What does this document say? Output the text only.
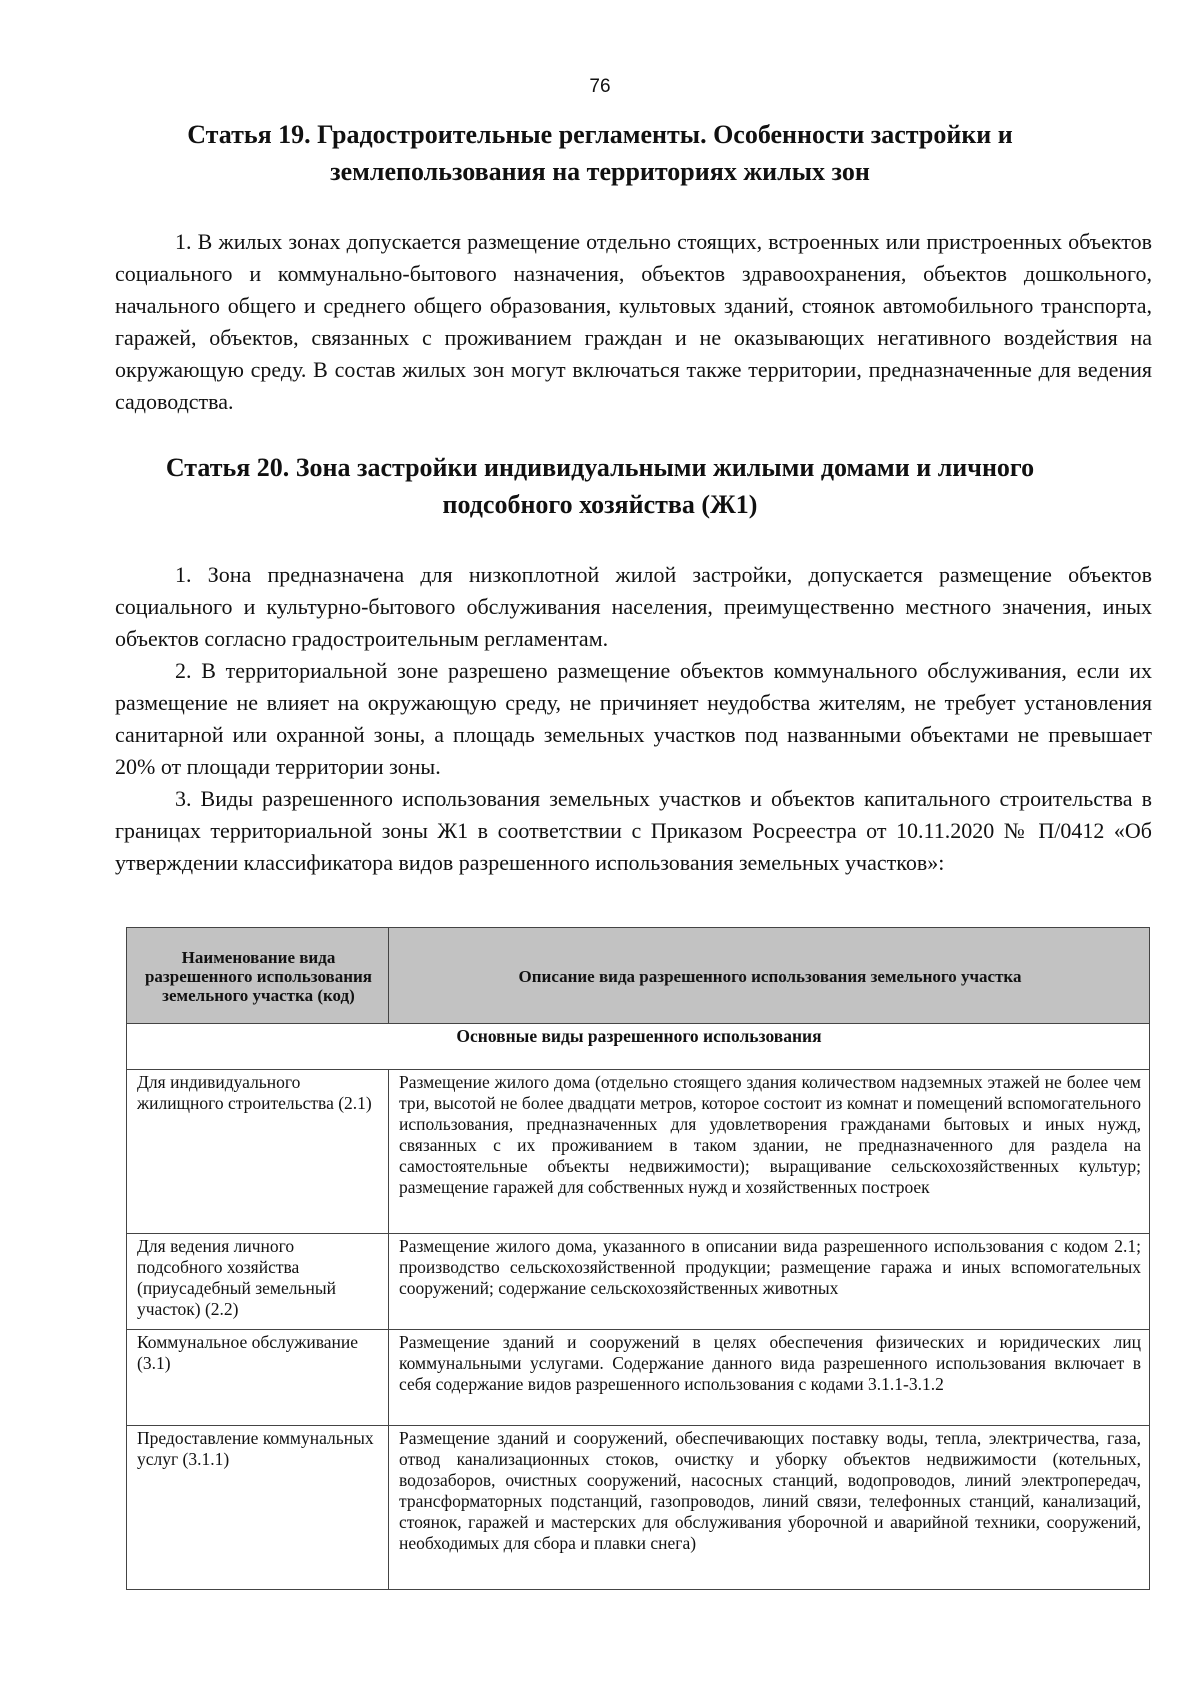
76
Статья 19. Градостроительные регламенты. Особенности застройки и землепользования на территориях жилых зон

1. В жилых зонах допускается размещение отдельно стоящих, встроенных или пристроенных объектов социального и коммунально-бытового назначения, объектов здравоохранения, объектов дошкольного, начального общего и среднего общего образования, культовых зданий, стоянок автомобильного транспорта, гаражей, объектов, связанных с проживанием граждан и не оказывающих негативного воздействия на окружающую среду. В состав жилых зон могут включаться также территории, предназначенные для ведения садоводства.

Статья 20. Зона застройки индивидуальными жилыми домами и личного подсобного хозяйства (Ж1)

1. Зона предназначена для низкоплотной жилой застройки, допускается размещение объектов социального и культурно-бытового обслуживания населения, преимущественно местного значения, иных объектов согласно градостроительным регламентам.

2. В территориальной зоне разрешено размещение объектов коммунального обслуживания, если их размещение не влияет на окружающую среду, не причиняет неудобства жителям, не требует установления санитарной или охранной зоны, а площадь земельных участков под названными объектами не превышает 20% от площади территории зоны.

3. Виды разрешенного использования земельных участков и объектов капитального строительства в границах территориальной зоны Ж1 в соответствии с Приказом Росреестра от 10.11.2020 № П/0412 «Об утверждении классификатора видов разрешенного использования земельных участков»:

Наименование вида разрешенного использования земельного участка (код)	Описание вида разрешенного использования земельного участка
Основные виды разрешенного использования	
Для индивидуального жилищного строительства (2.1)	Размещение жилого дома (отдельно стоящего здания количеством надземных этажей не более чем три, высотой не более двадцати метров, которое состоит из комнат и помещений вспомогательного использования, предназначенных для удовлетворения гражданами бытовых и иных нужд, связанных с их проживанием в таком здании, не предназначенного для раздела на самостоятельные объекты недвижимости); выращивание сельскохозяйственных культур; размещение гаражей для собственных нужд и хозяйственных построек
Для ведения личного подсобного хозяйства (приусадебный земельный участок) (2.2)	Размещение жилого дома, указанного в описании вида разрешенного использования с кодом 2.1; производство сельскохозяйственной продукции; размещение гаража и иных вспомогательных сооружений; содержание сельскохозяйственных животных
Коммунальное обслуживание (3.1)	Размещение зданий и сооружений в целях обеспечения физических и юридических лиц коммунальными услугами. Содержание данного вида разрешенного использования включает в себя содержание видов разрешенного использования с кодами 3.1.1-3.1.2
Предоставление коммунальных услуг (3.1.1)	Размещение зданий и сооружений, обеспечивающих поставку воды, тепла, электричества, газа, отвод канализационных стоков, очистку и уборку объектов недвижимости (котельных, водозаборов, очистных сооружений, насосных станций, водопроводов, линий электропередач, трансформаторных подстанций, газопроводов, линий связи, телефонных станций, канализаций, стоянок, гаражей и мастерских для обслуживания уборочной и аварийной техники, сооружений, необходимых для сбора и плавки снега)
